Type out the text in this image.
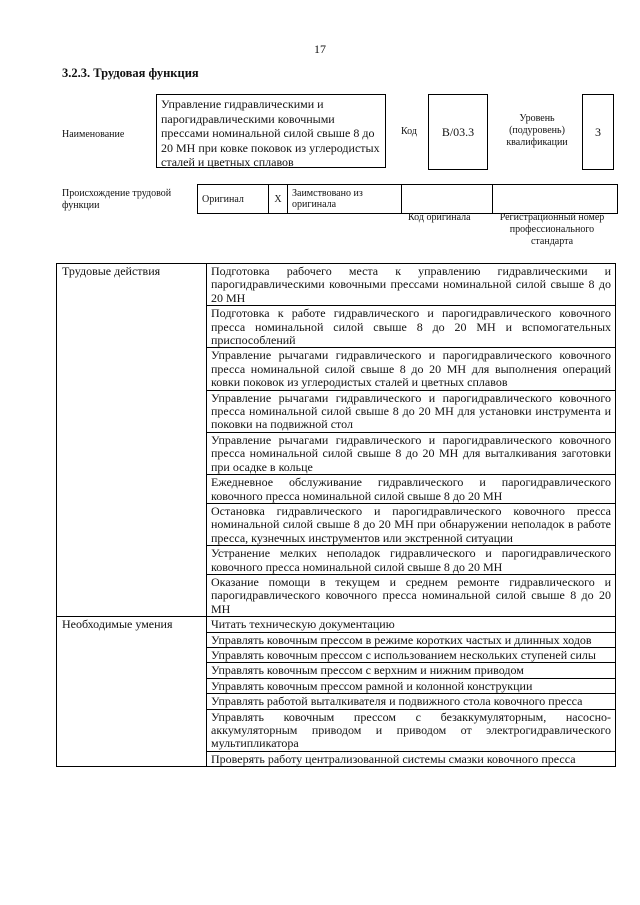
17
3.2.3. Трудовая функция
Наименование
Управление гидравлическими и парогидравлическими ковочными прессами номинальной силой свыше 8 до 20 МН при ковке поковок из углеродистых сталей и цветных сплавов
Код	B/03.3
Уровень (подуровень) квалификации
3
Происхождение трудовой функции
Оригинал	X	Заимствовано из оригинала		
Код оригинала	Регистрационный номер профессионального стандарта
Трудовые действия	Подготовка рабочего места к управлению гидравлическими и парогидравлическими ковочными прессами номинальной силой свыше 8 до 20 МН
	Подготовка к работе гидравлического и парогидравлического ковочного пресса номинальной силой свыше 8 до 20 МН и вспомогательных приспособлений
	Управление рычагами гидравлического и парогидравлического ковочного пресса номинальной силой свыше 8 до 20 МН для выполнения операций ковки поковок из углеродистых сталей и цветных сплавов
	Управление рычагами гидравлического и парогидравлического ковочного пресса номинальной силой свыше 8 до 20 МН для установки инструмента и поковки на подвижной стол
	Управление рычагами гидравлического и парогидравлического ковочного пресса номинальной силой свыше 8 до 20 МН для выталкивания заготовки при осадке в кольце
	Ежедневное обслуживание гидравлического и парогидравлического ковочного пресса номинальной силой свыше 8 до 20 МН
	Остановка гидравлического и парогидравлического ковочного пресса номинальной силой свыше 8 до 20 МН при обнаружении неполадок в работе пресса, кузнечных инструментов или экстренной ситуации
	Устранение мелких неполадок гидравлического и парогидравлического ковочного пресса номинальной силой свыше 8 до 20 МН
	Оказание помощи в текущем и среднем ремонте гидравлического и парогидравлического ковочного пресса номинальной силой свыше 8 до 20 МН
Необходимые умения	Читать техническую документацию
	Управлять ковочным прессом в режиме коротких частых и длинных ходов
	Управлять ковочным прессом с использованием нескольких ступеней силы
	Управлять ковочным прессом с верхним и нижним приводом
	Управлять ковочным прессом рамной и колонной конструкции
	Управлять работой выталкивателя и подвижного стола ковочного пресса
	Управлять ковочным прессом с безаккумуляторным, насосно-аккумуляторным приводом и приводом от электрогидравлического мультипликатора
	Проверять работу централизованной системы смазки ковочного пресса
